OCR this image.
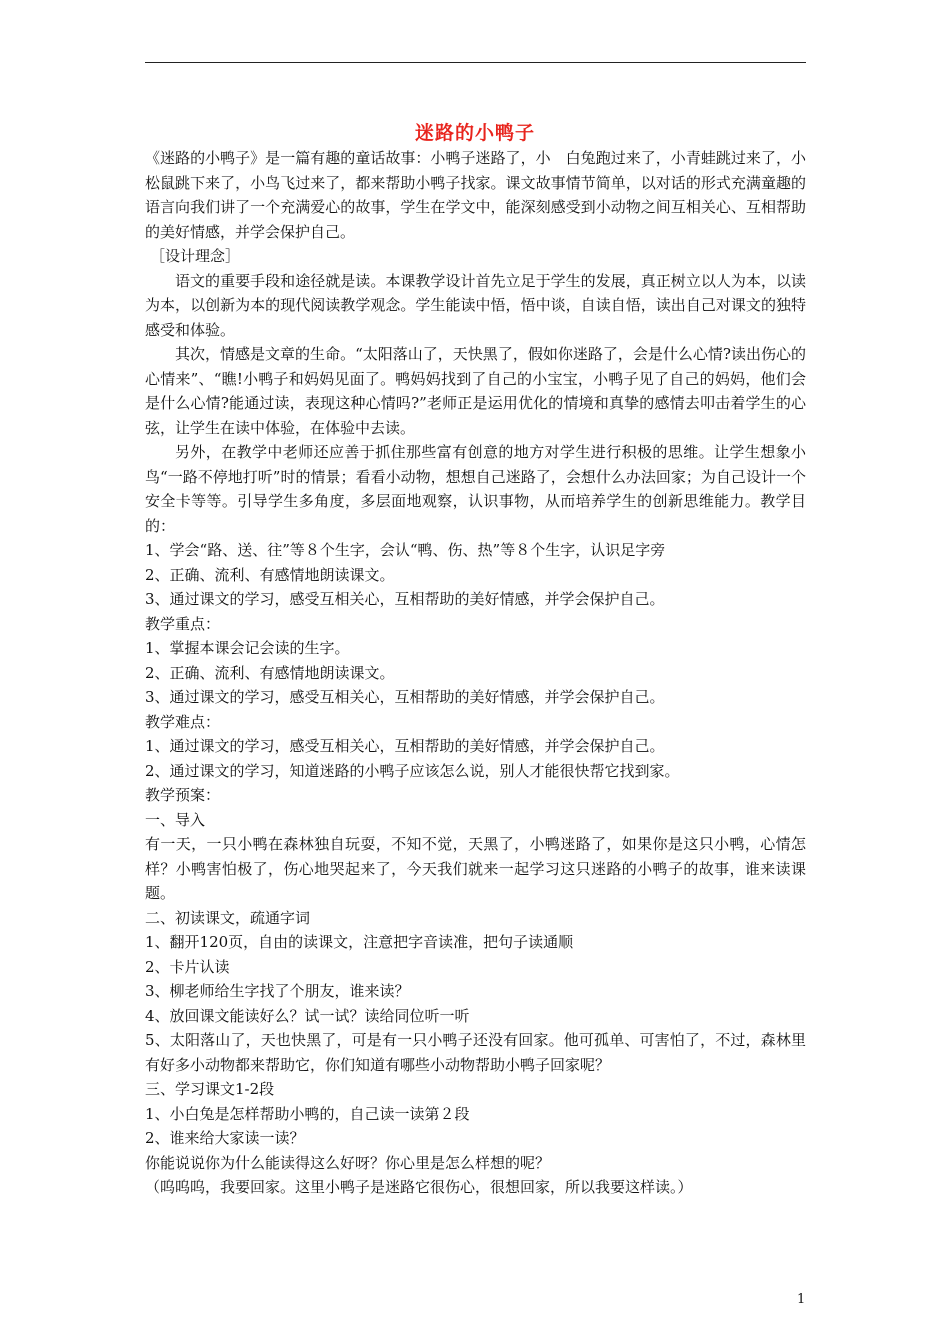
迷路的小鸭子

《迷路的小鸭子》是一篇有趣的童话故事：小鸭子迷路了，小　白兔跑过来了，小青蛙跳过来了，小松鼠跳下来了，小鸟飞过来了，都来帮助小鸭子找家。课文故事情节简单，以对话的形式充满童趣的语言向我们讲了一个充满爱心的故事，学生在学文中，能深刻感受到小动物之间互相关心、互相帮助的美好情感，并学会保护自己。

［设计理念］

语文的重要手段和途径就是读。本课教学设计首先立足于学生的发展，真正树立以人为本，以读为本，以创新为本的现代阅读教学观念。学生能读中悟，悟中谈，自读自悟，读出自己对课文的独特感受和体验。

其次，情感是文章的生命。“太阳落山了，天快黑了，假如你迷路了，会是什么心情?读出伤心的心情来”、“瞧!小鸭子和妈妈见面了。鸭妈妈找到了自己的小宝宝，小鸭子见了自己的妈妈，他们会是什么心情?能通过读，表现这种心情吗?”老师正是运用优化的情境和真挚的感情去叩击着学生的心弦，让学生在读中体验，在体验中去读。

另外，在教学中老师还应善于抓住那些富有创意的地方对学生进行积极的思维。让学生想象小鸟“一路不停地打听”时的情景；看看小动物，想想自己迷路了，会想什么办法回家；为自己设计一个安全卡等等。引导学生多角度，多层面地观察，认识事物，从而培养学生的创新思维能力。教学目的：

1、学会“路、送、往”等８个生字，会认“鸭、伤、热”等８个生字，认识足字旁

2、正确、流利、有感情地朗读课文。

3、通过课文的学习，感受互相关心，互相帮助的美好情感，并学会保护自己。

教学重点：

1、掌握本课会记会读的生字。

2、正确、流利、有感情地朗读课文。

3、通过课文的学习，感受互相关心，互相帮助的美好情感，并学会保护自己。

教学难点：

1、通过课文的学习，感受互相关心，互相帮助的美好情感，并学会保护自己。

2、通过课文的学习，知道迷路的小鸭子应该怎么说，别人才能很快帮它找到家。

教学预案：

一、导入

有一天，一只小鸭在森林独自玩耍，不知不觉，天黑了，小鸭迷路了，如果你是这只小鸭，心情怎样？小鸭害怕极了，伤心地哭起来了，今天我们就来一起学习这只迷路的小鸭子的故事，谁来读课题。

二、初读课文，疏通字词

1、翻开120页，自由的读课文，注意把字音读准，把句子读通顺

2、卡片认读

3、柳老师给生字找了个朋友，谁来读？

4、放回课文能读好么？试一试？读给同位听一听

5、太阳落山了，天也快黑了，可是有一只小鸭子还没有回家。他可孤单、可害怕了，不过，森林里有好多小动物都来帮助它，你们知道有哪些小动物帮助小鸭子回家呢？

三、学习课文1-2段

1、小白兔是怎样帮助小鸭的，自己读一读第２段

2、谁来给大家读一读？

你能说说你为什么能读得这么好呀？你心里是怎么样想的呢？

（呜呜呜，我要回家。这里小鸭子是迷路它很伤心，很想回家，所以我要这样读。）

1
